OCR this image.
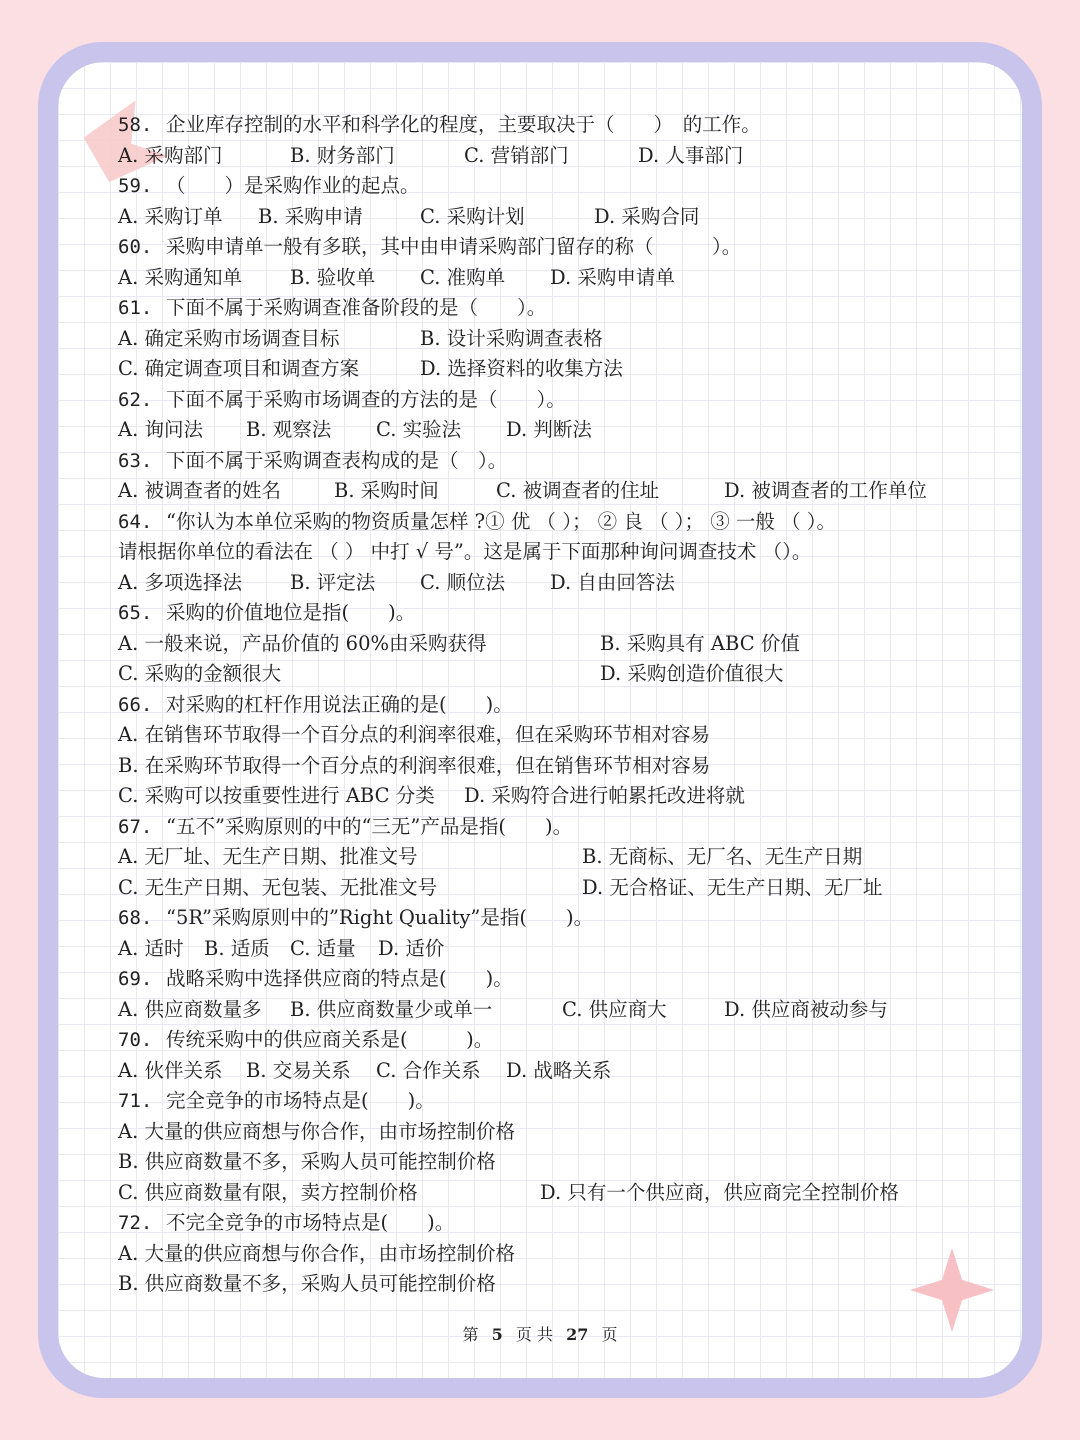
58. 企业库存控制的水平和科学化的程度，主要取决于（　　）　的工作。
A. 采购部门	B. 财务部门	C. 营销部门	D. 人事部门
59. （　　）是采购作业的起点。
A. 采购订单 B. 采购申请	C. 采购计划	D. 采购合同
60. 采购申请单一般有多联，其中由申请采购部门留存的称（　　　）。
A. 采购通知单 B. 验收单 C. 准购单 D. 采购申请单
61. 下面不属于采购调查准备阶段的是（　　）。
A. 确定采购市场调查目标	B. 设计采购调查表格
C. 确定调查项目和调查方案	D. 选择资料的收集方法
62. 下面不属于采购市场调查的方法的是（　　）。
A. 询问法 B. 观察法 C. 实验法 D. 判断法
63. 下面不属于采购调查表构成的是（　）。
A. 被调查者的姓名	B. 采购时间	C. 被调查者的住址	D. 被调查者的工作单位
64. “你认为本单位采购的物资质量怎样 ?① 优 （ ）； ② 良 （ ）； ③ 一般 （ ）。
请根据你单位的看法在 （ ） 中打 √ 号”。这是属于下面那种询问调查技术 （）。
A. 多项选择法 B. 评定法 C. 顺位法 D. 自由回答法
65. 采购的价值地位是指(　　)。
A. 一般来说，产品价值的 60%由采购获得	B. 采购具有 ABC 价值
C. 采购的金额很大	D. 采购创造价值很大
66. 对采购的杠杆作用说法正确的是(　　)。
A. 在销售环节取得一个百分点的利润率很难，但在采购环节相对容易
B. 在采购环节取得一个百分点的利润率很难，但在销售环节相对容易
C. 采购可以按重要性进行 ABC 分类 D. 采购符合进行帕累托改进将就
67. “五不”采购原则的中的“三无”产品是指(　　)。
A. 无厂址、无生产日期、批准文号	B. 无商标、无厂名、无生产日期
C. 无生产日期、无包装、无批准文号	D. 无合格证、无生产日期、无厂址
68. “5R”采购原则中的”Right Quality”是指(　　)。
A. 适时 B. 适质 C. 适量 D. 适价
69. 战略采购中选择供应商的特点是(　　)。
A. 供应商数量多 B. 供应商数量少或单一	C. 供应商大	D. 供应商被动参与
70. 传统采购中的供应商关系是(　　　)。
A. 伙伴关系 B. 交易关系 C. 合作关系 D. 战略关系
71. 完全竞争的市场特点是(　　)。
A. 大量的供应商想与你合作，由市场控制价格
B. 供应商数量不多，采购人员可能控制价格
C. 供应商数量有限，卖方控制价格	D. 只有一个供应商，供应商完全控制价格
72. 不完全竞争的市场特点是(　　)。
A. 大量的供应商想与你合作，由市场控制价格
B. 供应商数量不多，采购人员可能控制价格
第 5 页 共 27 页
